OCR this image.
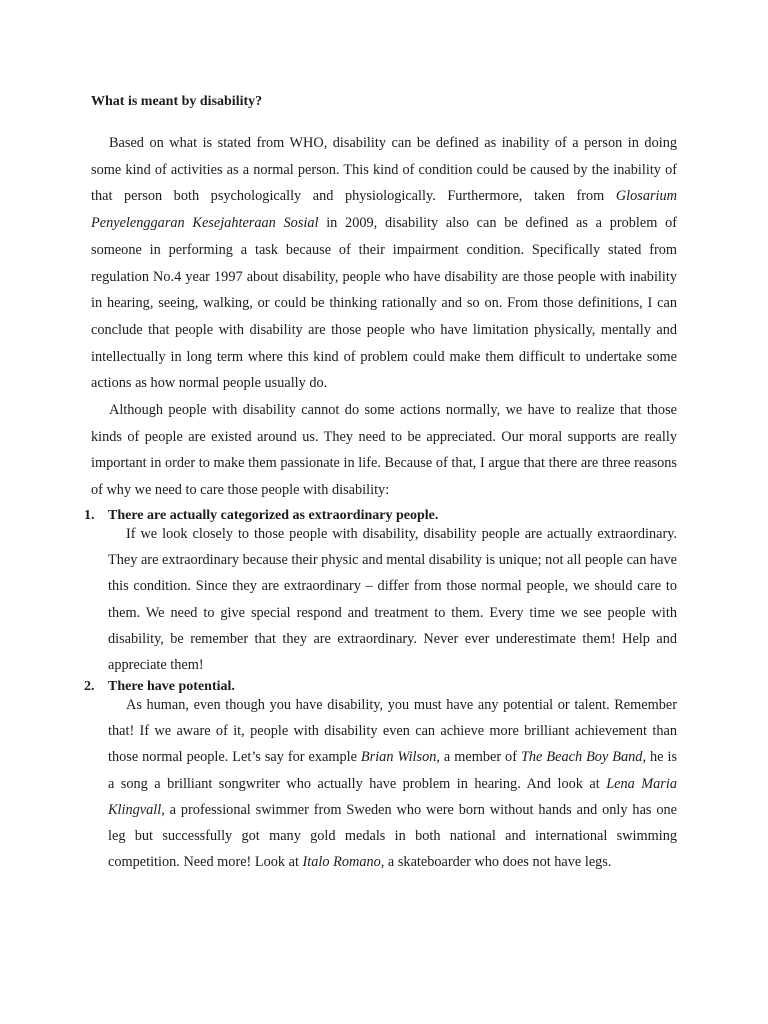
What is meant by disability?

Based on what is stated from WHO, disability can be defined as inability of a person in doing some kind of activities as a normal person. This kind of condition could be caused by the inability of that person both psychologically and physiologically. Furthermore, taken from Glosarium Penyelenggaran Kesejahteraan Sosial in 2009, disability also can be defined as a problem of someone in performing a task because of their impairment condition. Specifically stated from regulation No.4 year 1997 about disability, people who have disability are those people with inability in hearing, seeing, walking, or could be thinking rationally and so on. From those definitions, I can conclude that people with disability are those people who have limitation physically, mentally and intellectually in long term where this kind of problem could make them difficult to undertake some actions as how normal people usually do.

Although people with disability cannot do some actions normally, we have to realize that those kinds of people are existed around us. They need to be appreciated. Our moral supports are really important in order to make them passionate in life. Because of that, I argue that there are three reasons of why we need to care those people with disability:

1. There are actually categorized as extraordinary people.

If we look closely to those people with disability, disability people are actually extraordinary. They are extraordinary because their physic and mental disability is unique; not all people can have this condition. Since they are extraordinary – differ from those normal people, we should care to them. We need to give special respond and treatment to them. Every time we see people with disability, be remember that they are extraordinary. Never ever underestimate them! Help and appreciate them!

2. There have potential.

As human, even though you have disability, you must have any potential or talent. Remember that! If we aware of it, people with disability even can achieve more brilliant achievement than those normal people. Let’s say for example Brian Wilson, a member of The Beach Boy Band, he is a song a brilliant songwriter who actually have problem in hearing. And look at Lena Maria Klingvall, a professional swimmer from Sweden who were born without hands and only has one leg but successfully got many gold medals in both national and international swimming competition. Need more! Look at Italo Romano, a skateboarder who does not have legs.
